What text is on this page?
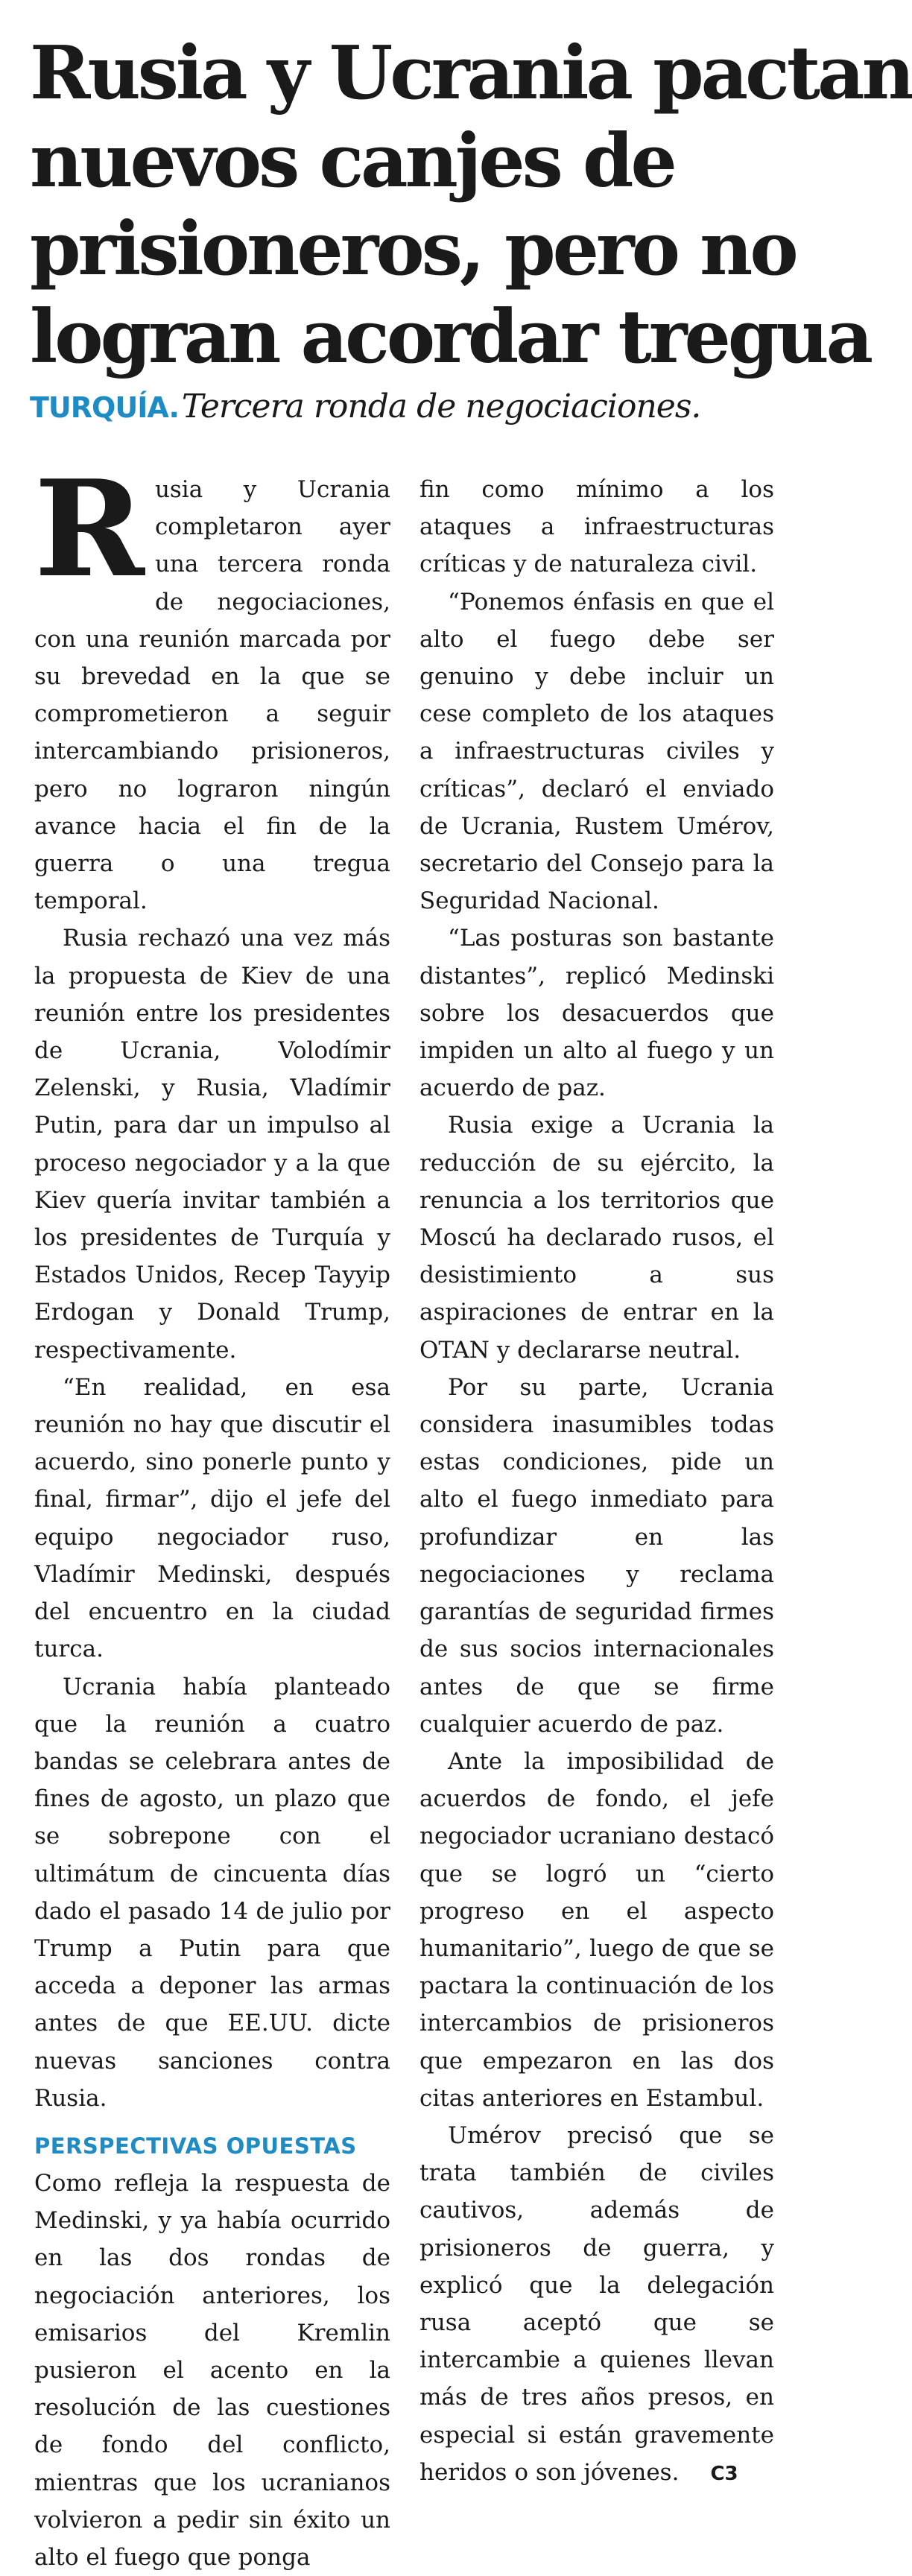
Rusia y Ucrania pactan
nuevos canjes de
prisioneros, pero no
logran acordar tregua
TURQUÍA. Tercera ronda de negociaciones.

Rusia y Ucrania completaron ayer una tercera ronda de negociaciones, con una reunión marcada por su brevedad en la que se comprometieron a seguir intercambiando prisioneros, pero no lograron ningún avance hacia el fin de la guerra o una tregua temporal.

Rusia rechazó una vez más la propuesta de Kiev de una reunión entre los presidentes de Ucrania, Volodímir Zelenski, y Rusia, Vladímir Putin, para dar un impulso al proceso negociador y a la que Kiev quería invitar también a los presidentes de Turquía y Estados Unidos, Recep Tayyip Erdogan y Donald Trump, respectivamente.

“En realidad, en esa reunión no hay que discutir el acuerdo, sino ponerle punto y final, firmar”, dijo el jefe del equipo negociador ruso, Vladímir Medinski, después del encuentro en la ciudad turca.

Ucrania había planteado que la reunión a cuatro bandas se celebrara antes de fines de agosto, un plazo que se sobrepone con el ultimátum de cincuenta días dado el pasado 14 de julio por Trump a Putin para que acceda a deponer las armas antes de que EE.UU. dicte nuevas sanciones contra Rusia.

PERSPECTIVAS OPUESTAS

Como refleja la respuesta de Medinski, y ya había ocurrido en las dos rondas de negociación anteriores, los emisarios del Kremlin pusieron el acento en la resolución de las cuestiones de fondo del conflicto, mientras que los ucranianos volvieron a pedir sin éxito un alto el fuego que ponga

fin como mínimo a los ataques a infraestructuras críticas y de naturaleza civil.

“Ponemos énfasis en que el alto el fuego debe ser genuino y debe incluir un cese completo de los ataques a infraestructuras civiles y críticas”, declaró el enviado de Ucrania, Rustem Umérov, secretario del Consejo para la Seguridad Nacional.

“Las posturas son bastante distantes”, replicó Medinski sobre los desacuerdos que impiden un alto al fuego y un acuerdo de paz.

Rusia exige a Ucrania la reducción de su ejército, la renuncia a los territorios que Moscú ha declarado rusos, el desistimiento a sus aspiraciones de entrar en la OTAN y declararse neutral.

Por su parte, Ucrania considera inasumibles todas estas condiciones, pide un alto el fuego inmediato para profundizar en las negociaciones y reclama garantías de seguridad firmes de sus socios internacionales antes de que se firme cualquier acuerdo de paz.

Ante la imposibilidad de acuerdos de fondo, el jefe negociador ucraniano destacó que se logró un “cierto progreso en el aspecto humanitario”, luego de que se pactara la continuación de los intercambios de prisioneros que empezaron en las dos citas anteriores en Estambul.

Umérov precisó que se trata también de civiles cautivos, además de prisioneros de guerra, y explicó que la delegación rusa aceptó que se intercambie a quienes llevan más de tres años presos, en especial si están gravemente heridos o son jóvenes. C3
